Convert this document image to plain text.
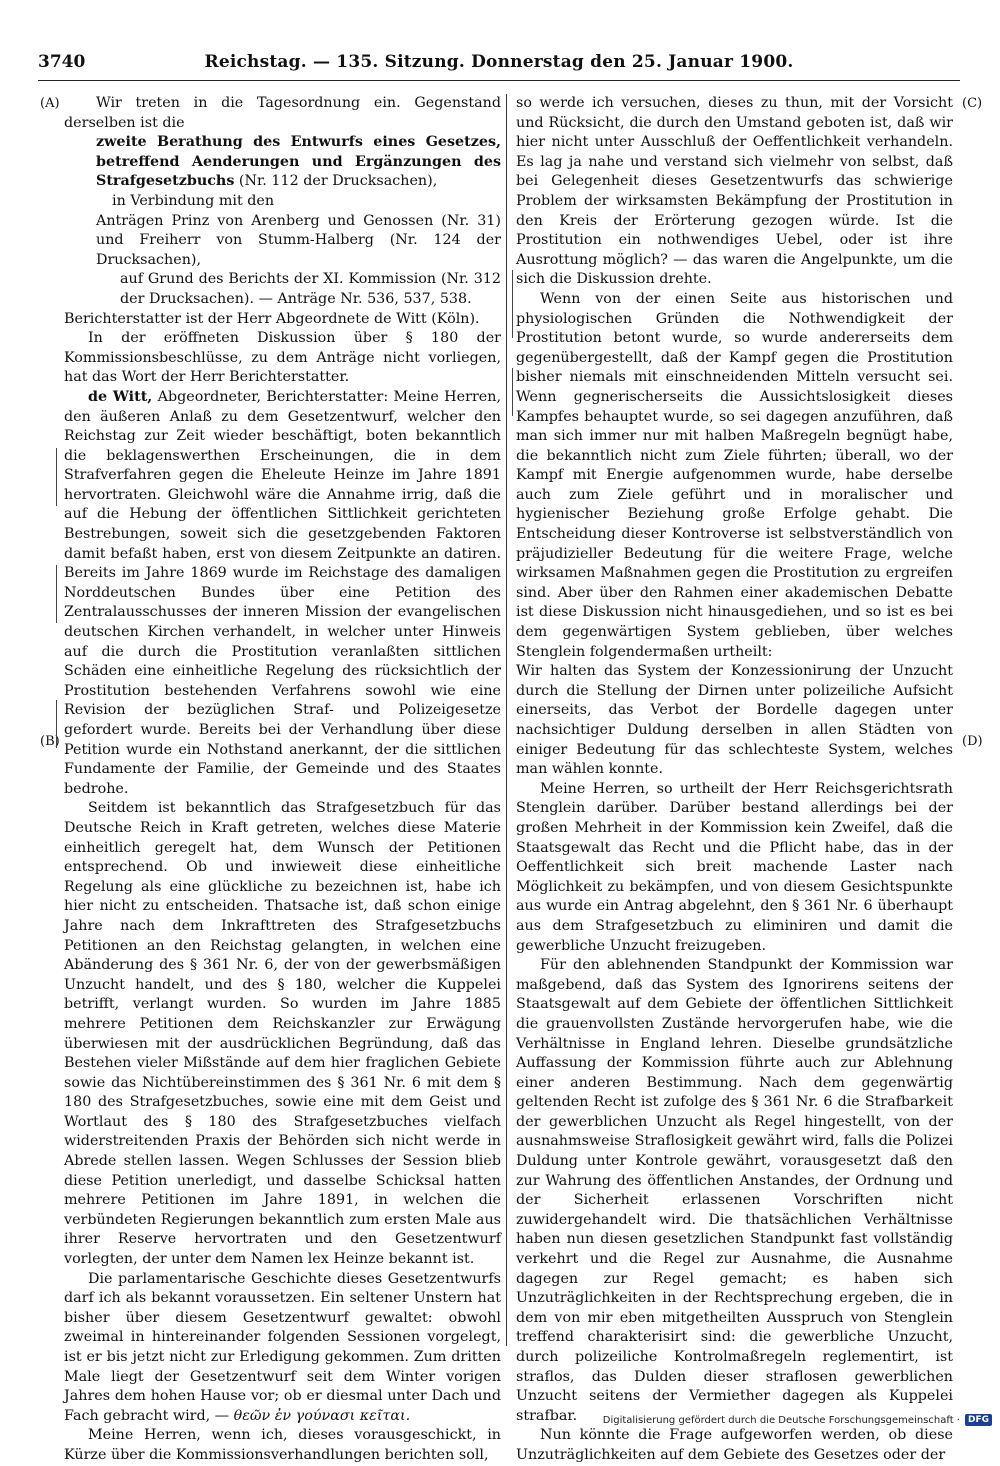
3740	Reichstag. — 135. Sitzung. Donnerstag den 25. Januar 1900.
(A)
(B)
(C)
(D)

Wir treten in die Tagesordnung ein. Gegenstand derselben ist die

zweite Berathung des Entwurfs eines Gesetzes, betreffend Aenderungen und Ergänzungen des Strafgesetzbuchs (Nr. 112 der Drucksachen),
in Verbindung mit den
Anträgen Prinz von Arenberg und Genossen (Nr. 31) und Freiherr von Stumm-Halberg (Nr. 124 der Drucksachen),
auf Grund des Berichts der XI. Kommission (Nr. 312 der Drucksachen). — Anträge Nr. 536, 537, 538.

Berichterstatter ist der Herr Abgeordnete de Witt (Köln).

In der eröffneten Diskussion über § 180 der Kommissionsbeschlüsse, zu dem Anträge nicht vorliegen, hat das Wort der Herr Berichterstatter.

de Witt, Abgeordneter, Berichterstatter: Meine Herren, den äußeren Anlaß zu dem Gesetzentwurf, welcher den Reichstag zur Zeit wieder beschäftigt, boten bekanntlich die beklagenswerthen Erscheinungen, die in dem Strafverfahren gegen die Eheleute Heinze im Jahre 1891 hervortraten. Gleichwohl wäre die Annahme irrig, daß die auf die Hebung der öffentlichen Sittlichkeit gerichteten Bestrebungen, soweit sich die gesetzgebenden Faktoren damit befaßt haben, erst von diesem Zeitpunkte an datiren. Bereits im Jahre 1869 wurde im Reichstage des damaligen Norddeutschen Bundes über eine Petition des Zentralausschusses der inneren Mission der evangelischen deutschen Kirchen verhandelt, in welcher unter Hinweis auf die durch die Prostitution veranlaßten sittlichen Schäden eine einheitliche Regelung des rücksichtlich der Prostitution bestehenden Verfahrens sowohl wie eine Revision der bezüglichen Straf- und Polizeigesetze gefordert wurde. Bereits bei der Verhandlung über diese Petition wurde ein Nothstand anerkannt, der die sittlichen Fundamente der Familie, der Gemeinde und des Staates bedrohe.

Seitdem ist bekanntlich das Strafgesetzbuch für das Deutsche Reich in Kraft getreten, welches diese Materie einheitlich geregelt hat, dem Wunsch der Petitionen entsprechend. Ob und inwieweit diese einheitliche Regelung als eine glückliche zu bezeichnen ist, habe ich hier nicht zu entscheiden. Thatsache ist, daß schon einige Jahre nach dem Inkrafttreten des Strafgesetzbuchs Petitionen an den Reichstag gelangten, in welchen eine Abänderung des § 361 Nr. 6, der von der gewerbsmäßigen Unzucht handelt, und des § 180, welcher die Kuppelei betrifft, verlangt wurden. So wurden im Jahre 1885 mehrere Petitionen dem Reichskanzler zur Erwägung überwiesen mit der ausdrücklichen Begründung, daß das Bestehen vieler Mißstände auf dem hier fraglichen Gebiete sowie das Nichtübereinstimmen des § 361 Nr. 6 mit dem § 180 des Strafgesetzbuches, sowie eine mit dem Geist und Wortlaut des § 180 des Strafgesetzbuches vielfach widerstreitenden Praxis der Behörden sich nicht werde in Abrede stellen lassen. Wegen Schlusses der Session blieb diese Petition unerledigt, und dasselbe Schicksal hatten mehrere Petitionen im Jahre 1891, in welchen die verbündeten Regierungen bekanntlich zum ersten Male aus ihrer Reserve hervortraten und den Gesetzentwurf vorlegten, der unter dem Namen lex Heinze bekannt ist.

Die parlamentarische Geschichte dieses Gesetzentwurfs darf ich als bekannt voraussetzen. Ein seltener Unstern hat bisher über diesem Gesetzentwurf gewaltet: obwohl zweimal in hintereinander folgenden Sessionen vorgelegt, ist er bis jetzt nicht zur Erledigung gekommen. Zum dritten Male liegt der Gesetzentwurf seit dem Winter vorigen Jahres dem hohen Hause vor; ob er diesmal unter Dach und Fach gebracht wird, — θεῶν ἐν γούνασι κεῖται.

Meine Herren, wenn ich, dieses vorausgeschickt, in Kürze über die Kommissionsverhandlungen berichten soll,

so werde ich versuchen, dieses zu thun, mit der Vorsicht und Rücksicht, die durch den Umstand geboten ist, daß wir hier nicht unter Ausschluß der Oeffentlichkeit verhandeln. Es lag ja nahe und verstand sich vielmehr von selbst, daß bei Gelegenheit dieses Gesetzentwurfs das schwierige Problem der wirksamsten Bekämpfung der Prostitution in den Kreis der Erörterung gezogen würde. Ist die Prostitution ein nothwendiges Uebel, oder ist ihre Ausrottung möglich? — das waren die Angelpunkte, um die sich die Diskussion drehte.

Wenn von der einen Seite aus historischen und physiologischen Gründen die Nothwendigkeit der Prostitution betont wurde, so wurde andererseits dem gegenübergestellt, daß der Kampf gegen die Prostitution bisher niemals mit einschneidenden Mitteln versucht sei. Wenn gegnerischerseits die Aussichtslosigkeit dieses Kampfes behauptet wurde, so sei dagegen anzuführen, daß man sich immer nur mit halben Maßregeln begnügt habe, die bekanntlich nicht zum Ziele führten; überall, wo der Kampf mit Energie aufgenommen wurde, habe derselbe auch zum Ziele geführt und in moralischer und hygienischer Beziehung große Erfolge gehabt. Die Entscheidung dieser Kontroverse ist selbstverständlich von präjudizieller Bedeutung für die weitere Frage, welche wirksamen Maßnahmen gegen die Prostitution zu ergreifen sind. Aber über den Rahmen einer akademischen Debatte ist diese Diskussion nicht hinausgediehen, und so ist es bei dem gegenwärtigen System geblieben, über welches Stenglein folgendermaßen urtheilt:

Wir halten das System der Konzessionirung der Unzucht durch die Stellung der Dirnen unter polizeiliche Aufsicht einerseits, das Verbot der Bordelle dagegen unter nachsichtiger Duldung derselben in allen Städten von einiger Bedeutung für das schlechteste System, welches man wählen konnte.

Meine Herren, so urtheilt der Herr Reichsgerichtsrath Stenglein darüber. Darüber bestand allerdings bei der großen Mehrheit in der Kommission kein Zweifel, daß die Staatsgewalt das Recht und die Pflicht habe, das in der Oeffentlichkeit sich breit machende Laster nach Möglichkeit zu bekämpfen, und von diesem Gesichtspunkte aus wurde ein Antrag abgelehnt, den § 361 Nr. 6 überhaupt aus dem Strafgesetzbuch zu eliminiren und damit die gewerbliche Unzucht freizugeben.

Für den ablehnenden Standpunkt der Kommission war maßgebend, daß das System des Ignorirens seitens der Staatsgewalt auf dem Gebiete der öffentlichen Sittlichkeit die grauenvollsten Zustände hervorgerufen habe, wie die Verhältnisse in England lehren. Dieselbe grundsätzliche Auffassung der Kommission führte auch zur Ablehnung einer anderen Bestimmung. Nach dem gegenwärtig geltenden Recht ist zufolge des § 361 Nr. 6 die Strafbarkeit der gewerblichen Unzucht als Regel hingestellt, von der ausnahmsweise Straflosigkeit gewährt wird, falls die Polizei Duldung unter Kontrole gewährt, vorausgesetzt daß den zur Wahrung des öffentlichen Anstandes, der Ordnung und der Sicherheit erlassenen Vorschriften nicht zuwidergehandelt wird. Die thatsächlichen Verhältnisse haben nun diesen gesetzlichen Standpunkt fast vollständig verkehrt und die Regel zur Ausnahme, die Ausnahme dagegen zur Regel gemacht; es haben sich Unzuträglichkeiten in der Rechtsprechung ergeben, die in dem von mir eben mitgetheilten Ausspruch von Stenglein treffend charakterisirt sind: die gewerbliche Unzucht, durch polizeiliche Kontrolmaßregeln reglementirt, ist straflos, das Dulden dieser straflosen gewerblichen Unzucht seitens der Vermiether dagegen als Kuppelei strafbar.

Nun könnte die Frage aufgeworfen werden, ob diese Unzuträglichkeiten auf dem Gebiete des Gesetzes oder der

Digitalisierung gefördert durch die Deutsche Forschungsgemeinschaft · DFG
